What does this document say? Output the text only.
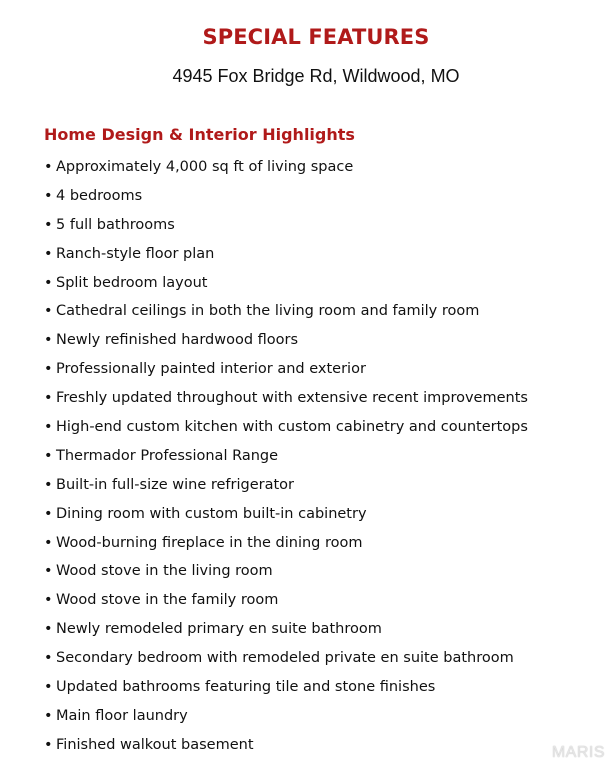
SPECIAL FEATURES
4945 Fox Bridge Rd, Wildwood, MO
Home Design & Interior Highlights
• Approximately 4,000 sq ft of living space
• 4 bedrooms
• 5 full bathrooms
• Ranch-style floor plan
• Split bedroom layout
• Cathedral ceilings in both the living room and family room
• Newly refinished hardwood floors
• Professionally painted interior and exterior
• Freshly updated throughout with extensive recent improvements
• High-end custom kitchen with custom cabinetry and countertops
• Thermador Professional Range
• Built-in full-size wine refrigerator
• Dining room with custom built-in cabinetry
• Wood-burning fireplace in the dining room
• Wood stove in the living room
• Wood stove in the family room
• Newly remodeled primary en suite bathroom
• Secondary bedroom with remodeled private en suite bathroom
• Updated bathrooms featuring tile and stone finishes
• Main floor laundry
• Finished walkout basement	MARIS
